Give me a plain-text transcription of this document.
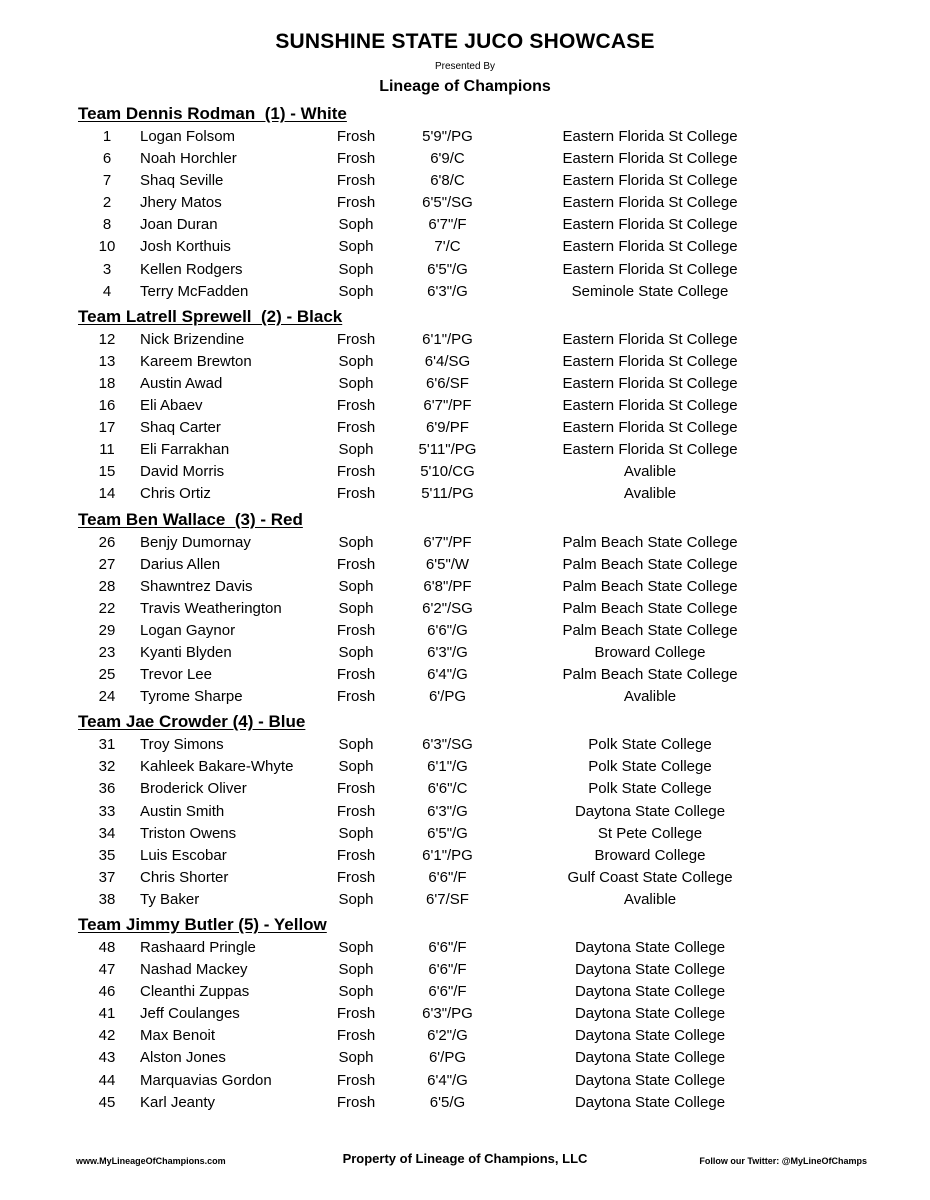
SUNSHINE STATE JUCO SHOWCASE
Presented By
Lineage of Champions
Team Dennis Rodman  (1) - White
1	Logan Folsom	Frosh	5'9"/PG	Eastern Florida St College
6	Noah Horchler	Frosh	6'9/C	Eastern Florida St College
7	Shaq Seville	Frosh	6'8/C	Eastern Florida St College
2	Jhery Matos	Frosh	6'5"/SG	Eastern Florida St College
8	Joan Duran	Soph	6'7"/F	Eastern Florida St College
10	Josh Korthuis	Soph	7'/C	Eastern Florida St College
3	Kellen Rodgers	Soph	6'5"/G	Eastern Florida St College
4	Terry McFadden	Soph	6'3"/G	Seminole State College
Team Latrell Sprewell  (2) - Black
12	Nick Brizendine	Frosh	6'1"/PG	Eastern Florida St College
13	Kareem Brewton	Soph	6'4/SG	Eastern Florida St College
18	Austin Awad	Soph	6'6/SF	Eastern Florida St College
16	Eli Abaev	Frosh	6'7"/PF	Eastern Florida St College
17	Shaq Carter	Frosh	6'9/PF	Eastern Florida St College
11	Eli Farrakhan	Soph	5'11"/PG	Eastern Florida St College
15	David Morris	Frosh	5'10/CG	Avalible
14	Chris Ortiz	Frosh	5'11/PG	Avalible
Team Ben Wallace  (3) - Red
26	Benjy Dumornay	Soph	6'7"/PF	Palm Beach State College
27	Darius Allen	Frosh	6'5"/W	Palm Beach State College
28	Shawntrez Davis	Soph	6'8"/PF	Palm Beach State College
22	Travis Weatherington	Soph	6'2"/SG	Palm Beach State College
29	Logan Gaynor	Frosh	6'6"/G	Palm Beach State College
23	Kyanti Blyden	Soph	6'3"/G	Broward College
25	Trevor Lee	Frosh	6'4"/G	Palm Beach State College
24	Tyrome Sharpe	Frosh	6'/PG	Avalible
Team Jae Crowder (4) - Blue
31	Troy Simons	Soph	6'3"/SG	Polk State College
32	Kahleek Bakare-Whyte	Soph	6'1"/G	Polk State College
36	Broderick Oliver	Frosh	6'6"/C	Polk State College
33	Austin Smith	Frosh	6'3"/G	Daytona State College
34	Triston Owens	Soph	6'5"/G	St Pete College
35	Luis Escobar	Frosh	6'1"/PG	Broward College
37	Chris Shorter	Frosh	6'6"/F	Gulf Coast State College
38	Ty Baker	Soph	6'7/SF	Avalible
Team Jimmy Butler (5) - Yellow
48	Rashaard Pringle	Soph	6'6"/F	Daytona State College
47	Nashad Mackey	Soph	6'6"/F	Daytona State College
46	Cleanthi Zuppas	Soph	6'6"/F	Daytona State College
41	Jeff Coulanges	Frosh	6'3"/PG	Daytona State College
42	Max Benoit	Frosh	6'2"/G	Daytona State College
43	Alston Jones	Soph	6'/PG	Daytona State College
44	Marquavias Gordon	Frosh	6'4"/G	Daytona State College
45	Karl Jeanty	Frosh	6'5/G	Daytona State College
www.MyLineageOfChampions.com	Property of Lineage of Champions, LLC	Follow our Twitter: @MyLineOfChamps
